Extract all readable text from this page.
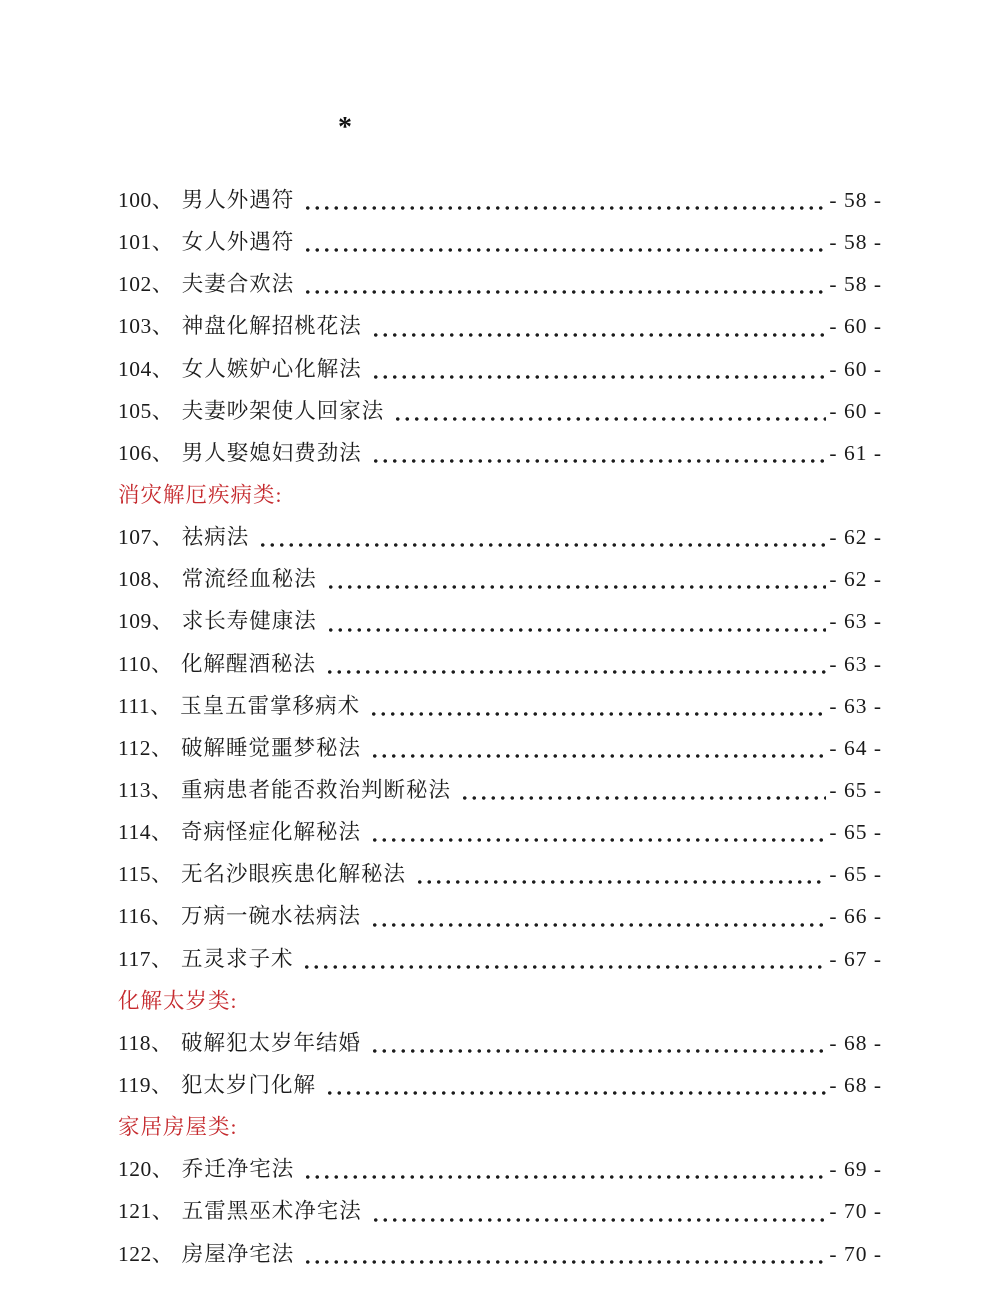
*
100、 男人外遇符	- 58 -
101、 女人外遇符	- 58 -
102、 夫妻合欢法	- 58 -
103、 神盘化解招桃花法	- 60 -
104、 女人嫉妒心化解法	- 60 -
105、 夫妻吵架使人回家法	- 60 -
106、 男人娶媳妇费劲法	- 61 -
消灾解厄疾病类:
107、 祛病法	- 62 -
108、 常流经血秘法	- 62 -
109、 求长寿健康法	- 63 -
110、 化解醒酒秘法	- 63 -
111、 玉皇五雷掌移病术	- 63 -
112、 破解睡觉噩梦秘法	- 64 -
113、 重病患者能否救治判断秘法	- 65 -
114、 奇病怪症化解秘法	- 65 -
115、 无名沙眼疾患化解秘法	- 65 -
116、 万病一碗水祛病法	- 66 -
117、 五灵求子术	- 67 -
化解太岁类:
118、 破解犯太岁年结婚	- 68 -
119、 犯太岁门化解	- 68 -
家居房屋类:
120、 乔迁净宅法	- 69 -
121、 五雷黑巫术净宅法	- 70 -
122、 房屋净宅法	- 70 -
